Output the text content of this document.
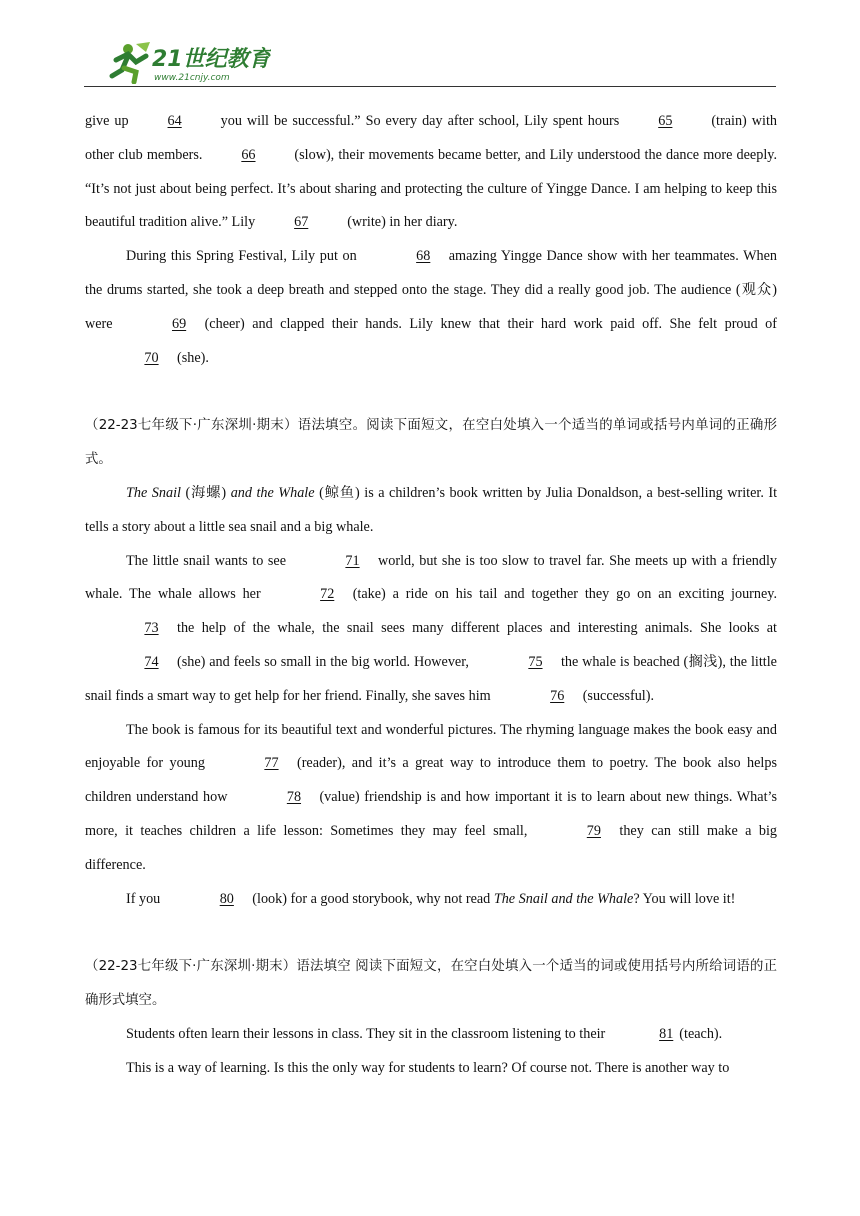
21世纪教育
www.21cnjy.com

give up	64	you will be successful.” So every day after school, Lily spent hours	65	(train) with other club members.	66	(slow), their movements became better, and Lily understood the dance more deeply. “It’s not just about being perfect. It’s about sharing and protecting the culture of Yingge Dance. I am helping to keep this beautiful tradition alive.” Lily	67	(write) in her diary.

During this Spring Festival, Lily put on	68 amazing Yingge Dance show with her teammates. When the drums started, she took a deep breath and stepped onto the stage. They did a really good job. The audience (观众) were	69 (cheer) and clapped their hands. Lily knew that their hard work paid off. She felt proud of70 (she).

（22-23七年级下·广东深圳·期末）语法填空。阅读下面短文，在空白处填入一个适当的单词或括号内单词的正确形式。

The Snail (海螺) and the Whale (鲸鱼) is a children’s book written by Julia Donaldson, a best-selling writer. It tells a story about a little sea snail and a big whale.

The little snail wants to see	71 world, but she is too slow to travel far. She meets up with a friendly whale. The whale allows her	72 (take) a ride on his tail and together they go on an exciting journey.73 the help of the whale, the snail sees many different places and interesting animals. She looks at74 (she) and feels so small in the big world. However,	75 the whale is beached (搁浅), the little snail finds a smart way to get help for her friend. Finally, she saves him	76 (successful).

The book is famous for its beautiful text and wonderful pictures. The rhyming language makes the book easy and enjoyable for young	77 (reader), and it’s a great way to introduce them to poetry. The book also helps children understand how	78 (value) friendship is and how important it is to learn about new things. What’s more, it teaches children a life lesson: Sometimes they may feel small,	79 they can still make a big difference.

If you	80 (look) for a good storybook, why not read The Snail and the Whale? You will love it!

（22-23七年级下·广东深圳·期末）语法填空 阅读下面短文，在空白处填入一个适当的词或使用括号内所给词语的正确形式填空。

Students often learn their lessons in class. They sit in the classroom listening to their	81 (teach).

This is a way of learning. Is this the only way for students to learn? Of course not. There is another way to
